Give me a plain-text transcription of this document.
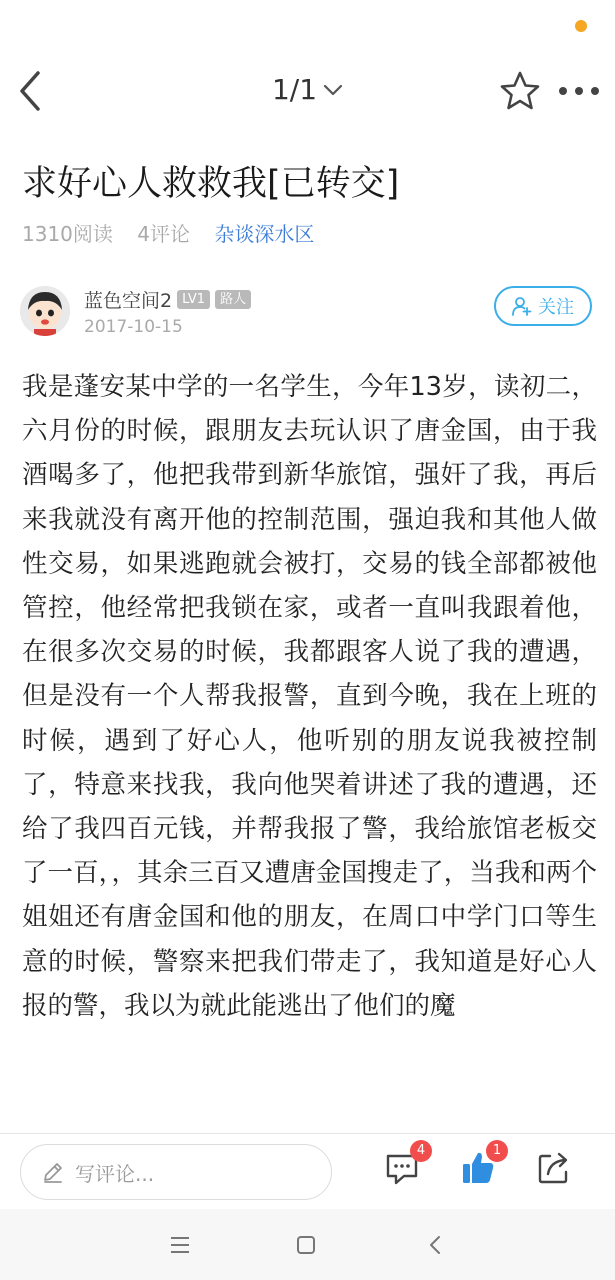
1/1
求好心人救救我[已转交]
1310阅读 4评论 杂谈深水区
蓝色空间2 LV1	路人
2017-10-15
关注

我是蓬安某中学的一名学生，今年13岁，读初二，六月份的时候，跟朋友去玩认识了唐金国，由于我酒喝多了，他把我带到新华旅馆，强奸了我，再后来我就没有离开他的控制范围，强迫我和其他人做性交易，如果逃跑就会被打，交易的钱全部都被他管控，他经常把我锁在家，或者一直叫我跟着他，在很多次交易的时候，我都跟客人说了我的遭遇，但是没有一个人帮我报警，直到今晚，我在上班的时候，遇到了好心人，他听别的朋友说我被控制了，特意来找我，我向他哭着讲述了我的遭遇，还给了我四百元钱，并帮我报了警，我给旅馆老板交了一百，，其余三百又遭唐金国搜走了，当我和两个姐姐还有唐金国和他的朋友，在周口中学门口等生意的时候，警察来把我们带走了，我知道是好心人报的警，我以为就此能逃出了他们的魔

写评论...
4	1
